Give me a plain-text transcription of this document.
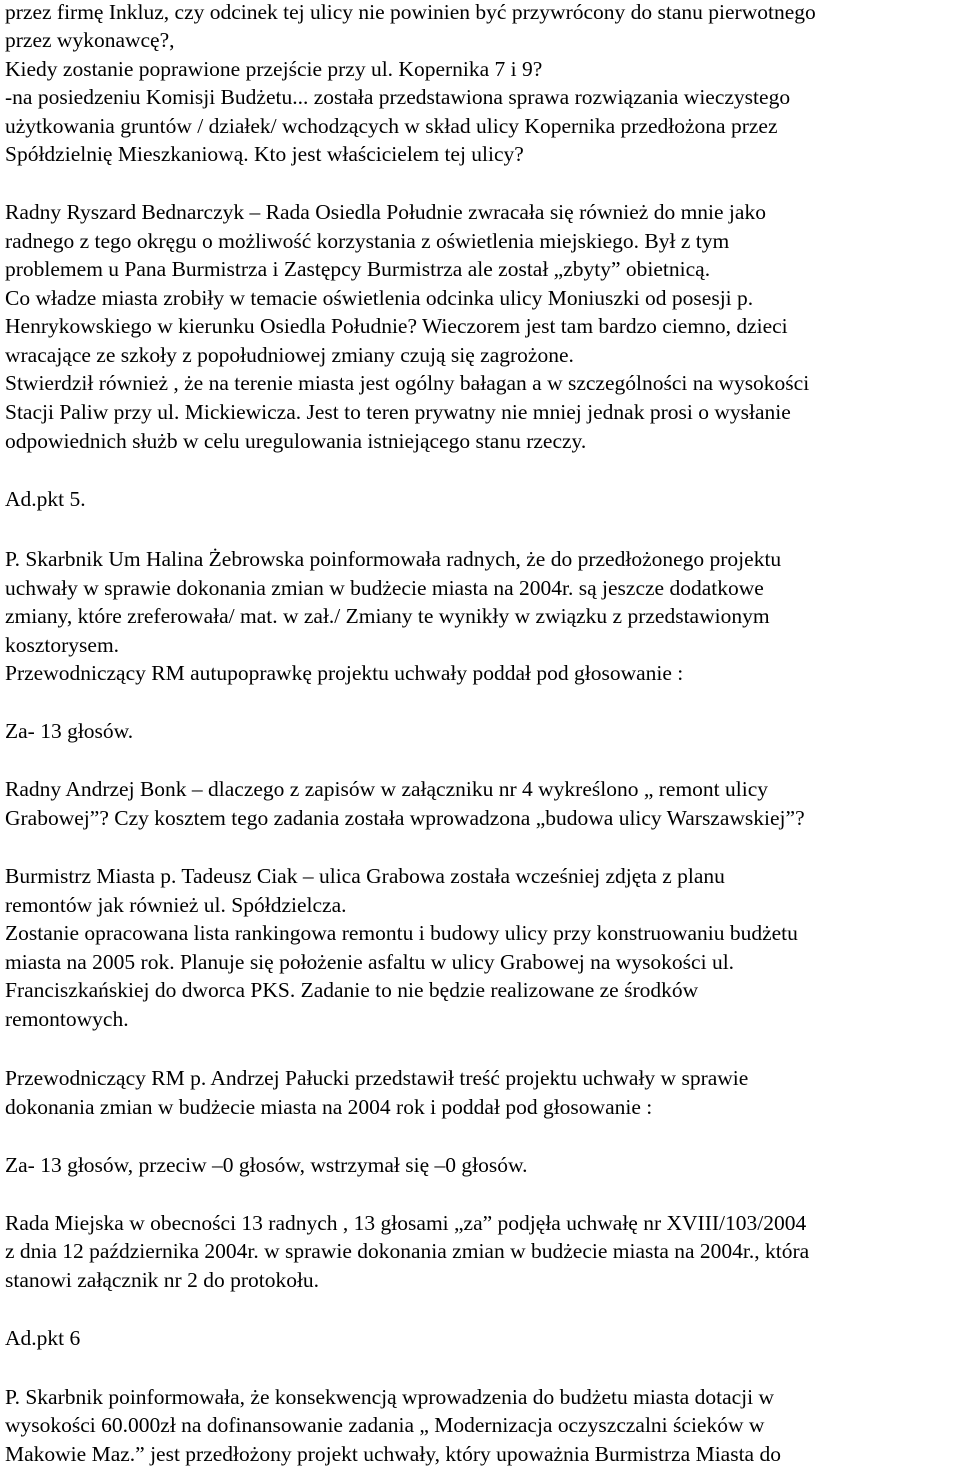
przez firmę Inkluz, czy odcinek tej ulicy nie powinien być przywrócony do stanu pierwotnego
przez wykonawcę?,
Kiedy zostanie poprawione przejście przy ul. Kopernika 7 i 9?
-na posiedzeniu Komisji Budżetu... została przedstawiona sprawa rozwiązania wieczystego
użytkowania gruntów / działek/ wchodzących w skład ulicy Kopernika przedłożona przez
Spółdzielnię Mieszkaniową. Kto jest właścicielem tej ulicy?
Radny Ryszard Bednarczyk – Rada Osiedla Południe zwracała się również do mnie jako
radnego z tego okręgu o możliwość korzystania z oświetlenia miejskiego. Był z tym
problemem u Pana Burmistrza i Zastępcy Burmistrza ale został „zbyty” obietnicą.
Co władze miasta zrobiły w temacie oświetlenia odcinka ulicy Moniuszki od posesji p.
Henrykowskiego w kierunku Osiedla Południe? Wieczorem jest tam bardzo ciemno, dzieci
wracające ze szkoły z popołudniowej zmiany czują się zagrożone.
Stwierdził również , że na terenie miasta jest ogólny bałagan a w szczególności na wysokości
Stacji Paliw przy ul. Mickiewicza. Jest to teren prywatny nie mniej jednak prosi o wysłanie
odpowiednich służb w celu uregulowania istniejącego stanu rzeczy.
Ad.pkt 5.
P. Skarbnik Um Halina Żebrowska poinformowała radnych, że do przedłożonego projektu
uchwały w sprawie dokonania zmian w budżecie miasta na 2004r. są jeszcze dodatkowe
zmiany, które zreferowała/ mat. w zał./ Zmiany te wynikły w związku z przedstawionym
kosztorysem.
Przewodniczący RM autupoprawkę projektu uchwały poddał pod głosowanie :
Za- 13 głosów.
Radny Andrzej Bonk – dlaczego z zapisów w załączniku nr 4 wykreślono „ remont ulicy
Grabowej”? Czy kosztem tego zadania została wprowadzona „budowa ulicy Warszawskiej”?
Burmistrz Miasta p. Tadeusz Ciak – ulica Grabowa została wcześniej zdjęta z planu
remontów jak również ul. Spółdzielcza.
Zostanie opracowana lista rankingowa remontu i budowy ulicy przy konstruowaniu budżetu
miasta na 2005 rok. Planuje się położenie asfaltu w ulicy Grabowej na wysokości ul.
Franciszkańskiej do dworca PKS. Zadanie to nie będzie realizowane ze środków
remontowych.
Przewodniczący RM p. Andrzej Pałucki przedstawił treść projektu uchwały w sprawie
dokonania zmian w budżecie miasta na 2004 rok i poddał pod głosowanie :
Za- 13 głosów, przeciw –0 głosów, wstrzymał się –0 głosów.
Rada Miejska w obecności 13 radnych , 13 głosami „za” podjęła uchwałę nr XVIII/103/2004
z dnia 12 października 2004r. w sprawie dokonania zmian w budżecie miasta na 2004r., która
stanowi załącznik nr 2 do protokołu.
Ad.pkt 6
P. Skarbnik poinformowała, że konsekwencją wprowadzenia do budżetu miasta dotacji w
wysokości 60.000zł na dofinansowanie zadania „ Modernizacja oczyszczalni ścieków w
Makowie Maz.” jest przedłożony projekt uchwały, który upoważnia Burmistrza Miasta do
